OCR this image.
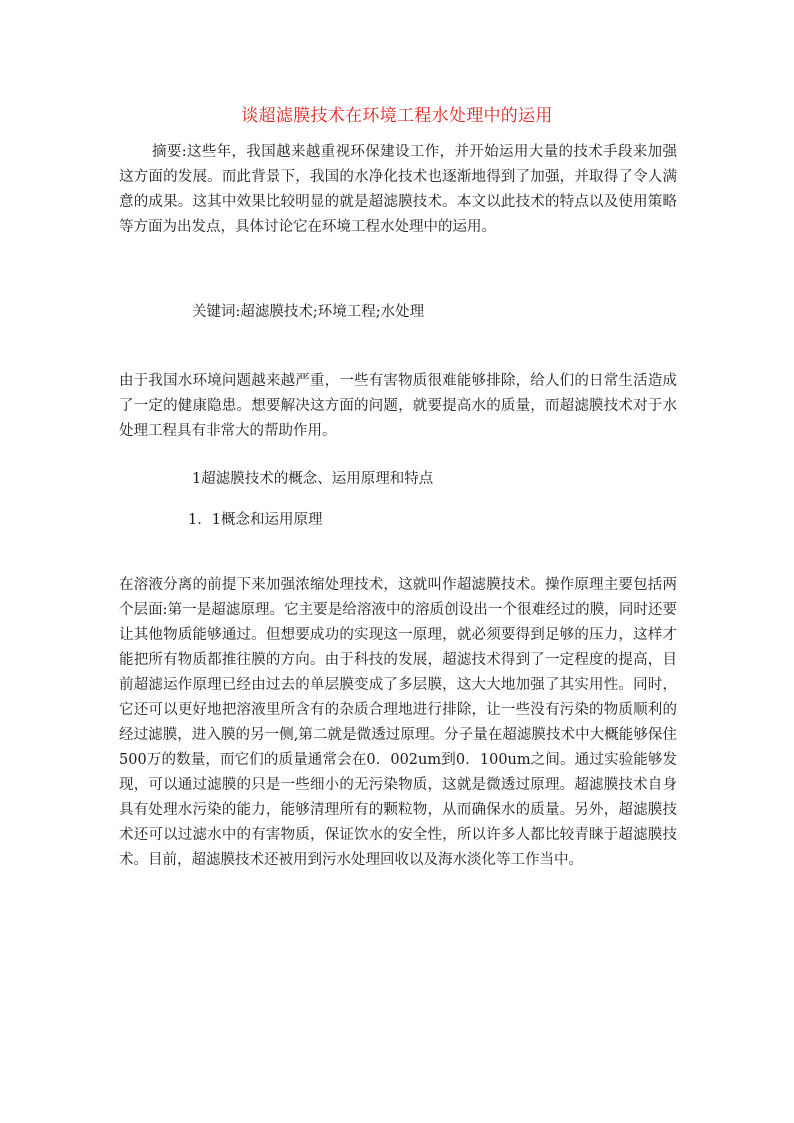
谈超滤膜技术在环境工程水处理中的运用

摘要:这些年，我国越来越重视环保建设工作，并开始运用大量的技术手段来加强这方面的发展。而此背景下，我国的水净化技术也逐渐地得到了加强，并取得了令人满意的成果。这其中效果比较明显的就是超滤膜技术。本文以此技术的特点以及使用策略等方面为出发点，具体讨论它在环境工程水处理中的运用。

关键词:超滤膜技术;环境工程;水处理

由于我国水环境问题越来越严重，一些有害物质很难能够排除，给人们的日常生活造成了一定的健康隐患。想要解决这方面的问题，就要提高水的质量，而超滤膜技术对于水处理工程具有非常大的帮助作用。

1超滤膜技术的概念、运用原理和特点

1．1概念和运用原理

在溶液分离的前提下来加强浓缩处理技术，这就叫作超滤膜技术。操作原理主要包括两个层面:第一是超滤原理。它主要是给溶液中的溶质创设出一个很难经过的膜，同时还要让其他物质能够通过。但想要成功的实现这一原理，就必须要得到足够的压力，这样才能把所有物质都推往膜的方向。由于科技的发展，超滤技术得到了一定程度的提高，目前超滤运作原理已经由过去的单层膜变成了多层膜，这大大地加强了其实用性。同时，它还可以更好地把溶液里所含有的杂质合理地进行排除，让一些没有污染的物质顺利的经过滤膜，进入膜的另一侧,第二就是微透过原理。分子量在超滤膜技术中大概能够保住500万的数量，而它们的质量通常会在0．002um到0．100um之间。通过实验能够发现，可以通过滤膜的只是一些细小的无污染物质，这就是微透过原理。超滤膜技术自身具有处理水污染的能力，能够清理所有的颗粒物，从而确保水的质量。另外，超滤膜技术还可以过滤水中的有害物质，保证饮水的安全性，所以许多人都比较青睐于超滤膜技术。目前，超滤膜技术还被用到污水处理回收以及海水淡化等工作当中。
